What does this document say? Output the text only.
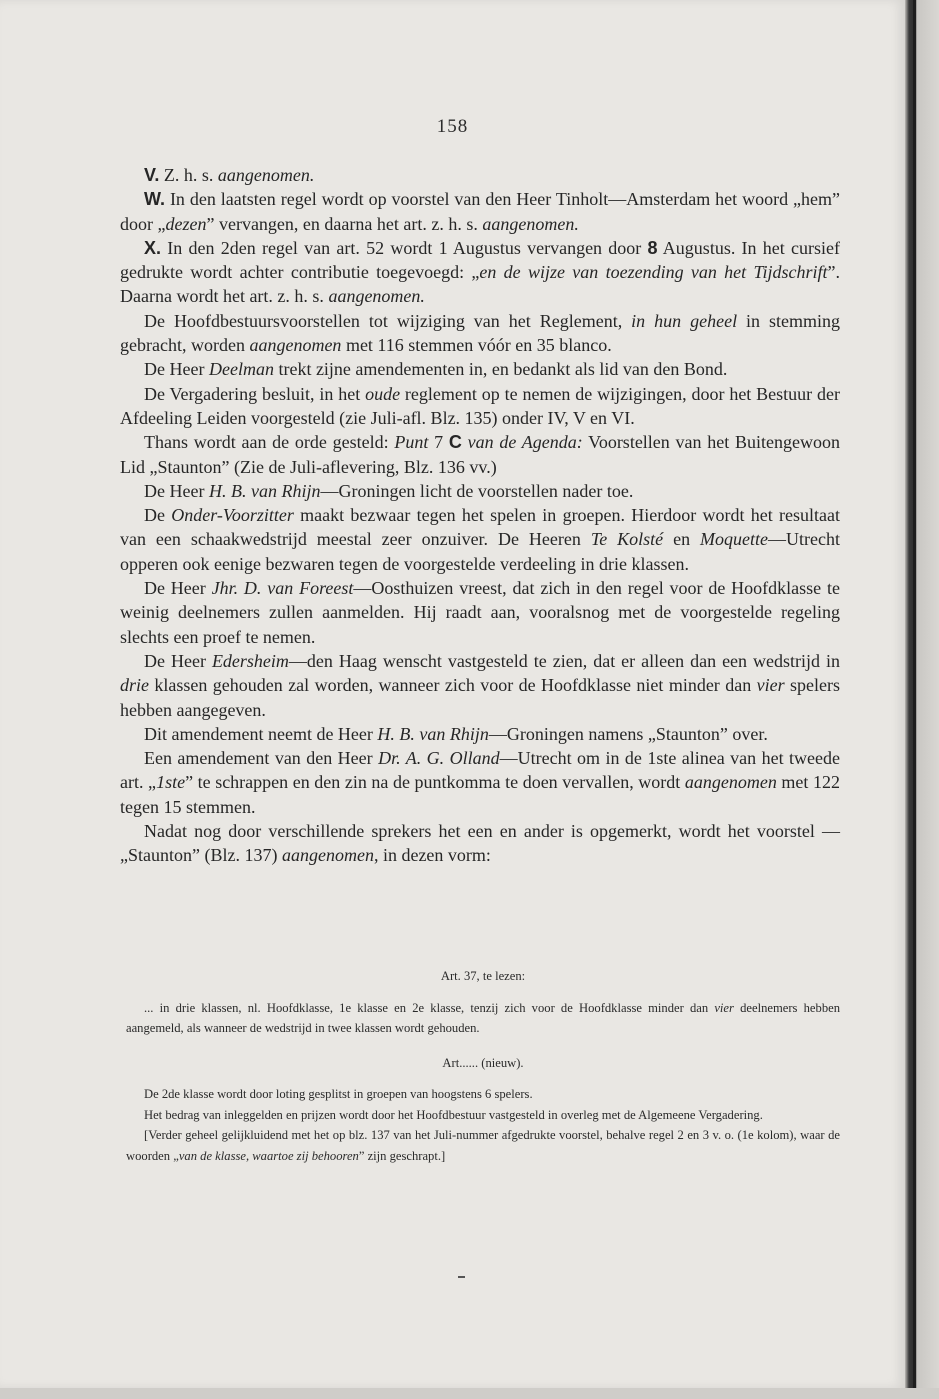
158

V. Z. h. s. aangenomen.

W. In den laatsten regel wordt op voorstel van den Heer Tinholt—Amsterdam het woord „hem” door „dezen” vervangen, en daarna het art. z. h. s. aangenomen.

X. In den 2den regel van art. 52 wordt 1 Augustus vervangen door 8 Augustus. In het cursief gedrukte wordt achter contributie toegevoegd: „en de wijze van toezending van het Tijdschrift”. Daarna wordt het art. z. h. s. aangenomen.

De Hoofdbestuursvoorstellen tot wijziging van het Reglement, in hun geheel in stemming gebracht, worden aangenomen met 116 stemmen vóór en 35 blanco.

De Heer Deelman trekt zijne amendementen in, en bedankt als lid van den Bond.

De Vergadering besluit, in het oude reglement op te nemen de wijzigingen, door het Bestuur der Afdeeling Leiden voorgesteld (zie Juli-afl. Blz. 135) onder IV, V en VI.

Thans wordt aan de orde gesteld: Punt 7 C van de Agenda: Voorstellen van het Buitengewoon Lid „Staunton” (Zie de Juli-aflevering, Blz. 136 vv.)

De Heer H. B. van Rhijn—Groningen licht de voorstellen nader toe.

De Onder-Voorzitter maakt bezwaar tegen het spelen in groepen. Hierdoor wordt het resultaat van een schaakwedstrijd meestal zeer onzuiver. De Heeren Te Kolsté en Moquette—Utrecht opperen ook eenige bezwaren tegen de voorgestelde verdeeling in drie klassen.

De Heer Jhr. D. van Foreest—Oosthuizen vreest, dat zich in den regel voor de Hoofdklasse te weinig deelnemers zullen aanmelden. Hij raadt aan, vooralsnog met de voorgestelde regeling slechts een proef te nemen.

De Heer Edersheim—den Haag wenscht vastgesteld te zien, dat er alleen dan een wedstrijd in drie klassen gehouden zal worden, wanneer zich voor de Hoofdklasse niet minder dan vier spelers hebben aangegeven.

Dit amendement neemt de Heer H. B. van Rhijn—Groningen namens „Staunton” over.

Een amendement van den Heer Dr. A. G. Olland—Utrecht om in de 1ste alinea van het tweede art. „1ste” te schrappen en den zin na de puntkomma te doen vervallen, wordt aangenomen met 122 tegen 15 stemmen.

Nadat nog door verschillende sprekers het een en ander is opgemerkt, wordt het voorstel — „Staunton” (Blz. 137) aangenomen, in dezen vorm:

Art. 37, te lezen:

... in drie klassen, nl. Hoofdklasse, 1e klasse en 2e klasse, tenzij zich voor de Hoofdklasse minder dan vier deelnemers hebben aangemeld, als wanneer de wedstrijd in twee klassen wordt gehouden.

Art...... (nieuw).

De 2de klasse wordt door loting gesplitst in groepen van hoogstens 6 spelers.

Het bedrag van inleggelden en prijzen wordt door het Hoofdbestuur vastgesteld in overleg met de Algemeene Vergadering.

[Verder geheel gelijkluidend met het op blz. 137 van het Juli-nummer afgedrukte voorstel, behalve regel 2 en 3 v. o. (1e kolom), waar de woorden „van de klasse, waartoe zij behooren” zijn geschrapt.]
